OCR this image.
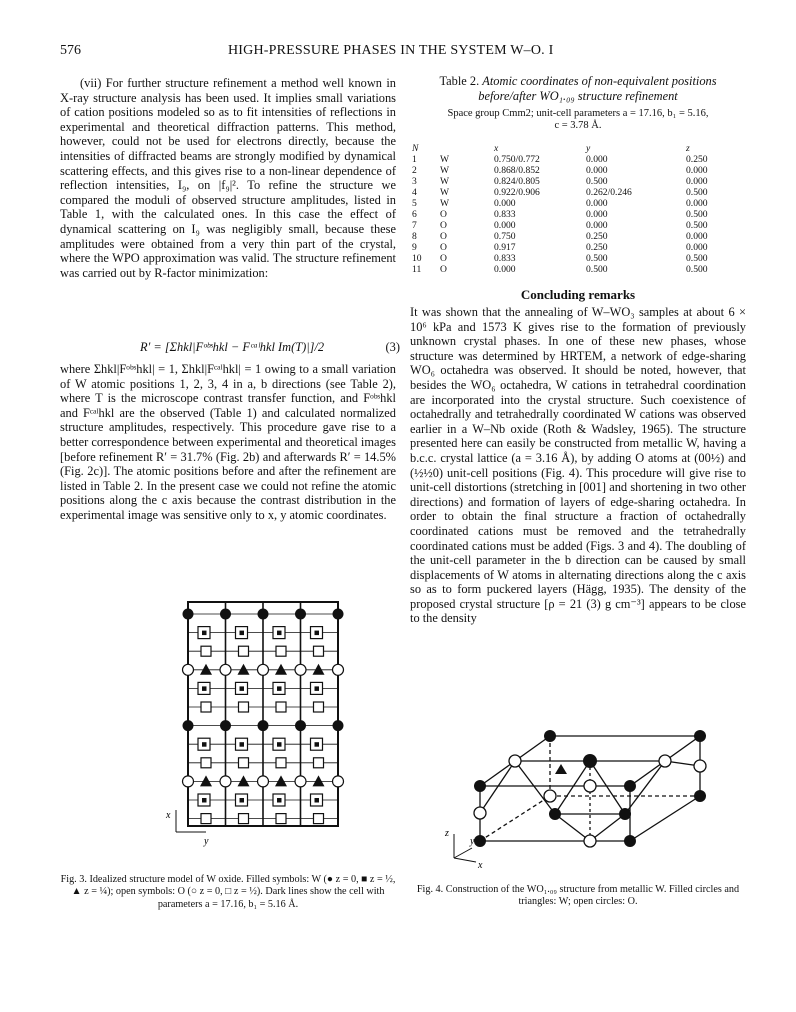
576	HIGH-PRESSURE PHASES IN THE SYSTEM W–O. I

(vii) For further structure refinement a method well known in X-ray structure analysis has been used. It implies small variations of cation positions modeled so as to fit intensities of reflections in experimental and theoretical diffraction patterns. This method, however, could not be used for electrons directly, because the intensities of diffracted beams are strongly modified by dynamical scattering effects, and this gives rise to a non-linear dependence of reflection intensities, I₉, on |f₉|². To refine the structure we compared the moduli of observed structure amplitudes, listed in Table 1, with the calculated ones. In this case the effect of dynamical scattering on I₉ was negligibly small, because these amplitudes were obtained from a very thin part of the crystal, where the WPO approximation was valid. The structure refinement was carried out by R-factor minimization:

R′ = [Σhkl|Fᵒᵇˢhkl − Fᶜᵃˡhkl Im(T)|]/2	(3)

where Σhkl|Fᵒᵇˢhkl| = 1, Σhkl|Fᶜᵃˡhkl| = 1 owing to a small variation of W atomic positions 1, 2, 3, 4 in a, b directions (see Table 2), where T is the microscope contrast transfer function, and Fᵒᵇˢhkl and Fᶜᵃˡhkl are the observed (Table 1) and calculated normalized structure amplitudes, respectively. This procedure gave rise to a better correspondence between experimental and theoretical images [before refinement R′ = 31.7% (Fig. 2b) and afterwards R′ = 14.5% (Fig. 2c)]. The atomic positions before and after the refinement are listed in Table 2. In the present case we could not refine the atomic positions along the c axis because the contrast distribution in the experimental image was sensitive only to x, y atomic coordinates.

Table 2. Atomic coordinates of non-equivalent positions before/after WO₁.₀₉ structure refinement
Space group Cmm2; unit-cell parameters a = 17.16, b₁ = 5.16,
c = 3.78 Å.
N		x	y	z
1	W	0.750/0.772	0.000	0.250
2	W	0.868/0.852	0.000	0.000
3	W	0.824/0.805	0.500	0.000
4	W	0.922/0.906	0.262/0.246	0.500
5	W	0.000	0.000	0.000
6	O	0.833	0.000	0.500
7	O	0.000	0.000	0.500
8	O	0.750	0.250	0.000
9	O	0.917	0.250	0.000
10	O	0.833	0.500	0.500
11	O	0.000	0.500	0.500
Concluding remarks

It was shown that the annealing of W–WO₃ samples at about 6 × 10⁶ kPa and 1573 K gives rise to the formation of previously unknown crystal phases. In one of these new phases, whose structure was determined by HRTEM, a network of edge-sharing WO₆ octahedra was observed. It should be noted, however, that besides the WO₆ octahedra, W cations in tetrahedral coordination are incorporated into the crystal structure. Such coexistence of octahedrally and tetrahedrally coordinated W cations was observed earlier in a W–Nb oxide (Roth & Wadsley, 1965). The structure presented here can easily be constructed from metallic W, having a b.c.c. crystal lattice (a = 3.16 Å), by adding O atoms at (00½) and (½½0) unit-cell positions (Fig. 4). This procedure will give rise to unit-cell distortions (stretching in [001] and shortening in two other directions) and formation of layers of edge-sharing octahedra. In order to obtain the final structure a fraction of octahedrally coordinated cations must be removed and the tetrahedrally coordinated cations must be added (Figs. 3 and 4). The doubling of the unit-cell parameter in the b direction can be caused by small displacements of W atoms in alternating directions along the c axis so as to form puckered layers (Hägg, 1935). The density of the proposed crystal structure [ρ = 21 (3) g cm⁻³] appears to be close to the density

x
y
Fig. 3. Idealized structure model of W oxide. Filled symbols: W (● z = 0, ■ z = ½, ▲ z = ¼); open symbols: O (○ z = 0, □ z = ½). Dark lines show the cell with parameters a = 17.16, b₁ = 5.16 Å.
z
y
x
Fig. 4. Construction of the WO₁.₀₉ structure from metallic W. Filled circles and triangles: W; open circles: O.
